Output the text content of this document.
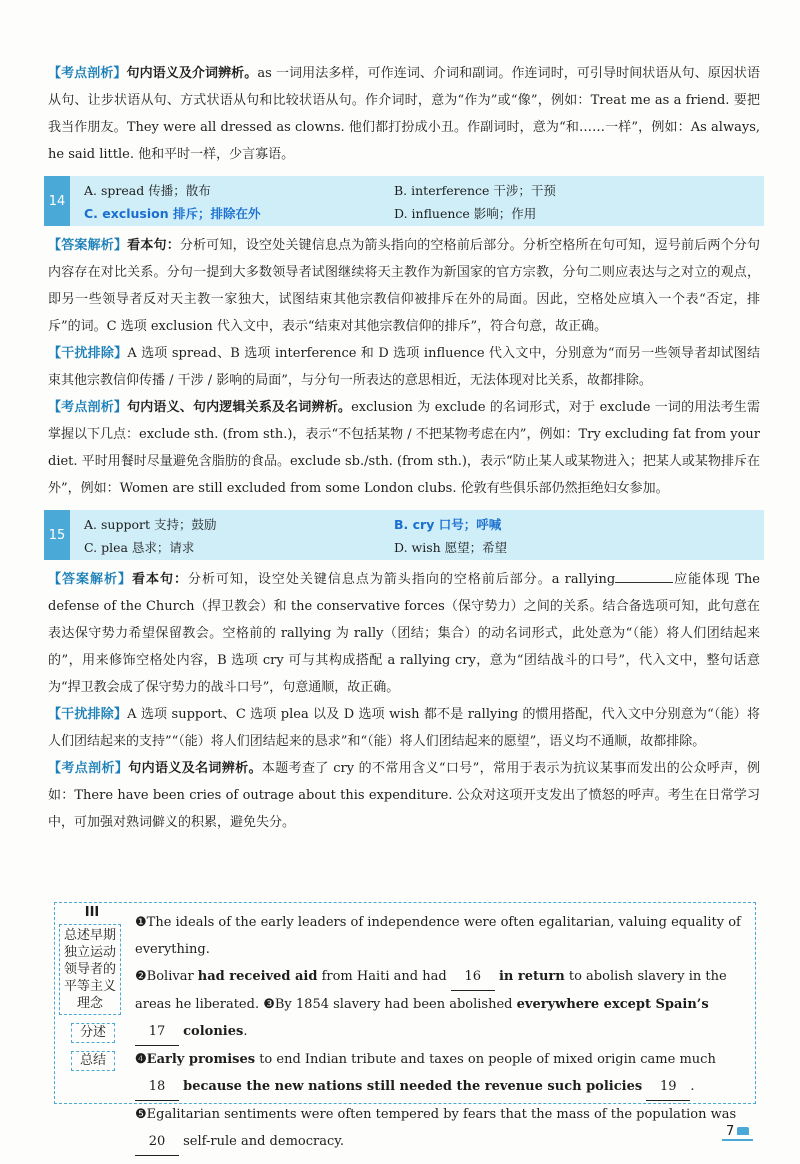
【考点剖析】句内语义及介词辨析。as 一词用法多样，可作连词、介词和副词。作连词时，可引导时间状语从句、原因状语从句、让步状语从句、方式状语从句和比较状语从句。作介词时，意为“作为”或“像”，例如：Treat me as a friend. 要把我当作朋友。They were all dressed as clowns. 他们都打扮成小丑。作副词时，意为“和……一样”，例如：As always, he said little. 他和平时一样，少言寡语。

14
A. spread 传播；散布	B. interference 干涉；干预
C. exclusion 排斥；排除在外	D. influence 影响；作用

【答案解析】看本句：分析可知，设空处关键信息点为箭头指向的空格前后部分。分析空格所在句可知，逗号前后两个分句内容存在对比关系。分句一提到大多数领导者试图继续将天主教作为新国家的官方宗教，分句二则应表达与之对立的观点，即另一些领导者反对天主教一家独大，试图结束其他宗教信仰被排斥在外的局面。因此，空格处应填入一个表“否定，排斥”的词。C 选项 exclusion 代入文中，表示“结束对其他宗教信仰的排斥”，符合句意，故正确。

【干扰排除】A 选项 spread、B 选项 interference 和 D 选项 influence 代入文中，分别意为“而另一些领导者却试图结束其他宗教信仰传播 / 干涉 / 影响的局面”，与分句一所表达的意思相近，无法体现对比关系，故都排除。

【考点剖析】句内语义、句内逻辑关系及名词辨析。exclusion 为 exclude 的名词形式，对于 exclude 一词的用法考生需掌握以下几点：exclude sth. (from sth.)，表示“不包括某物 / 不把某物考虑在内”，例如：Try excluding fat from your diet. 平时用餐时尽量避免含脂肪的食品。exclude sb./sth. (from sth.)，表示“防止某人或某物进入；把某人或某物排斥在外”，例如：Women are still excluded from some London clubs. 伦敦有些俱乐部仍然拒绝妇女参加。

15
A. support 支持；鼓励	B. cry 口号；呼喊
C. plea 恳求；请求	D. wish 愿望；希望

【答案解析】看本句：分析可知，设空处关键信息点为箭头指向的空格前后部分。a rallying	应能体现 The defense of the Church（捍卫教会）和 the conservative forces（保守势力）之间的关系。结合备选项可知，此句意在表达保守势力希望保留教会。空格前的 rallying 为 rally（团结；集合）的动名词形式，此处意为“（能）将人们团结起来的”，用来修饰空格处内容，B 选项 cry 可与其构成搭配 a rallying cry，意为“团结战斗的口号”，代入文中，整句话意为“捍卫教会成了保守势力的战斗口号”，句意通顺，故正确。

【干扰排除】A 选项 support、C 选项 plea 以及 D 选项 wish 都不是 rallying 的惯用搭配，代入文中分别意为“（能）将人们团结起来的支持”“（能）将人们团结起来的恳求”和“（能）将人们团结起来的愿望”，语义均不通顺，故都排除。

【考点剖析】句内语义及名词辨析。本题考查了 cry 的不常用含义“口号”，常用于表示为抗议某事而发出的公众呼声，例如：There have been cries of outrage about this expenditure. 公众对这项开支发出了愤怒的呼声。考生在日常学习中，可加强对熟词僻义的积累，避免失分。

III
总述早期独立运动领导者的平等主义理念
分述
总结

❶The ideals of the early leaders of independence were often egalitarian, valuing equality of everything.

❷Bolivar had received aid from Haiti and had 16 in return to abolish slavery in the areas he liberated. ❸By 1854 slavery had been abolished everywhere except Spain’s 17 colonies.

❹Early promises to end Indian tribute and taxes on people of mixed origin came much 18 because the new nations still needed the revenue such policies 19 .

❺Egalitarian sentiments were often tempered by fears that the mass of the population was 20 self-rule and democracy.

7
